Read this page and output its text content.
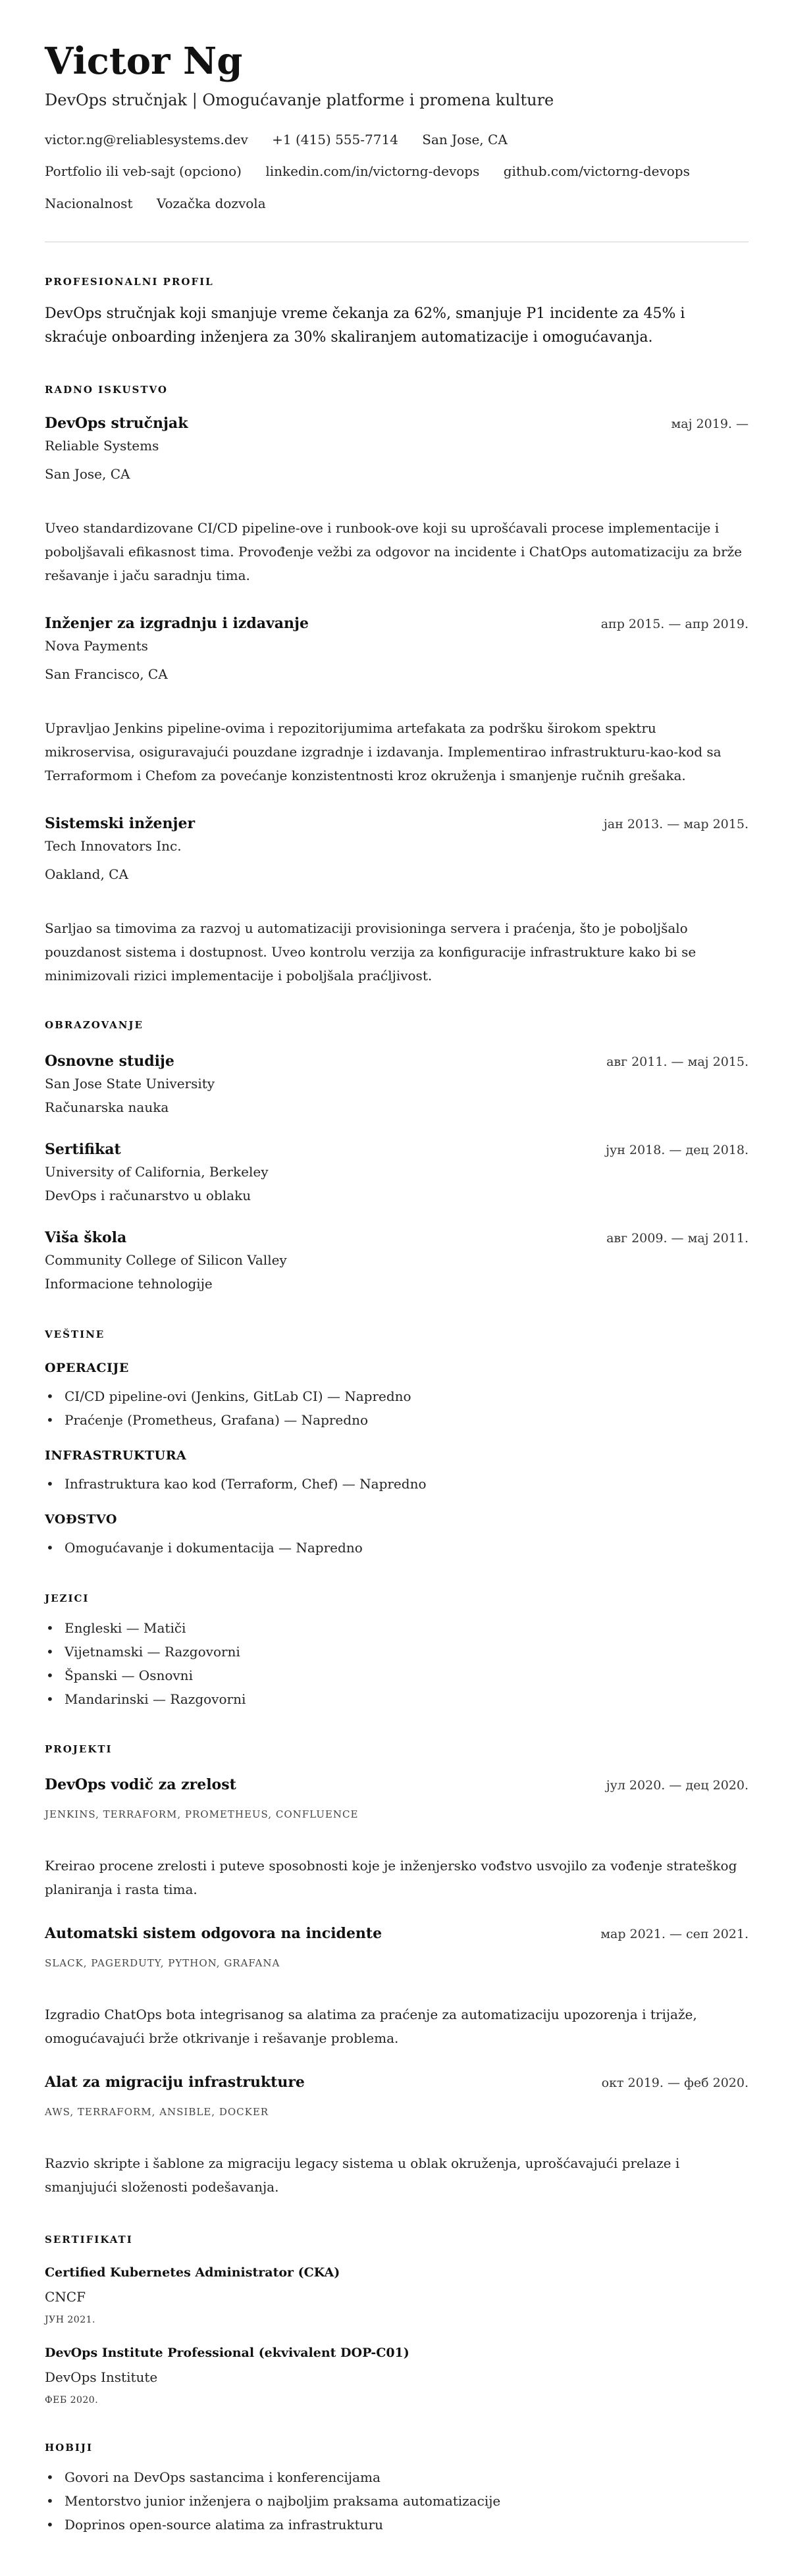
Victor Ng
DevOps stručnjak | Omogućavanje platforme i promena kulture
victor.ng@reliablesystems.dev +1 (415) 555-7714 San Jose, CA
Portfolio ili veb-sajt (opciono) linkedin.com/in/victorng-devops github.com/victorng-devops
Nacionalnost Vozačka dozvola
PROFESIONALNI PROFIL
DevOps stručnjak koji smanjuje vreme čekanja za 62%, smanjuje P1 incidente za 45% i skraćuje onboarding inženjera za 30% skaliranjem automatizacije i omogućavanja.
RADNO ISKUSTVO
DevOps stručnjak	мај 2019. —
Reliable Systems
San Jose, CA
Uveo standardizovane CI/CD pipeline-ove i runbook-ove koji su uprošćavali procese implementacije i poboljšavali efikasnost tima. Provođenje vežbi za odgovor na incidente i ChatOps automatizaciju za brže rešavanje i jaču saradnju tima.
Inženjer za izgradnju i izdavanje	апр 2015. — апр 2019.
Nova Payments
San Francisco, CA
Upravljao Jenkins pipeline-ovima i repozitorijumima artefakata za podršku širokom spektru mikroservisa, osiguravajući pouzdane izgradnje i izdavanja. Implementirao infrastrukturu-kao-kod sa Terraformom i Chefom za povećanje konzistentnosti kroz okruženja i smanjenje ručnih grešaka.
Sistemski inženjer	јан 2013. — мар 2015.
Tech Innovators Inc.
Oakland, CA
Sarljao sa timovima za razvoj u automatizaciji provisioninga servera i praćenja, što je poboljšalo pouzdanost sistema i dostupnost. Uveo kontrolu verzija za konfiguracije infrastrukture kako bi se minimizovali rizici implementacije i poboljšala praćljivost.
OBRAZOVANJE
Osnovne studije	авг 2011. — мај 2015.
San Jose State University
Računarska nauka
Sertifikat	јун 2018. — дец 2018.
University of California, Berkeley
DevOps i računarstvo u oblaku
Viša škola	авг 2009. — мај 2011.
Community College of Silicon Valley
Informacione tehnologije
VEŠTINE
OPERACIJE
• CI/CD pipeline-ovi (Jenkins, GitLab CI) — Napredno
• Praćenje (Prometheus, Grafana) — Napredno
INFRASTRUKTURA
• Infrastruktura kao kod (Terraform, Chef) — Napredno
VOĐSTVO
• Omogućavanje i dokumentacija — Napredno
JEZICI
• Engleski — Matiči
• Vijetnamski — Razgovorni
• Španski — Osnovni
• Mandarinski — Razgovorni
PROJEKTI
DevOps vodič za zrelost	јул 2020. — дец 2020.
JENKINS, TERRAFORM, PROMETHEUS, CONFLUENCE
Kreirao procene zrelosti i puteve sposobnosti koje je inženjersko vođstvo usvojilo za vođenje strateškog planiranja i rasta tima.
Automatski sistem odgovora na incidente	мар 2021. — сеп 2021.
SLACK, PAGERDUTY, PYTHON, GRAFANA
Izgradio ChatOps bota integrisanog sa alatima za praćenje za automatizaciju upozorenja i trijaže, omogućavajući brže otkrivanje i rešavanje problema.
Alat za migraciju infrastrukture	окт 2019. — феб 2020.
AWS, TERRAFORM, ANSIBLE, DOCKER
Razvio skripte i šablone za migraciju legacy sistema u oblak okruženja, uprošćavajući prelaze i smanjujući složenosti podešavanja.
SERTIFIKATI
Certified Kubernetes Administrator (CKA)
CNCF
ЈУН 2021.
DevOps Institute Professional (ekvivalent DOP-C01)
DevOps Institute
ФЕБ 2020.
HOBIJI
• Govori na DevOps sastancima i konferencijama
• Mentorstvo junior inženjera o najboljim praksama automatizacije
• Doprinos open-source alatima za infrastrukturu
